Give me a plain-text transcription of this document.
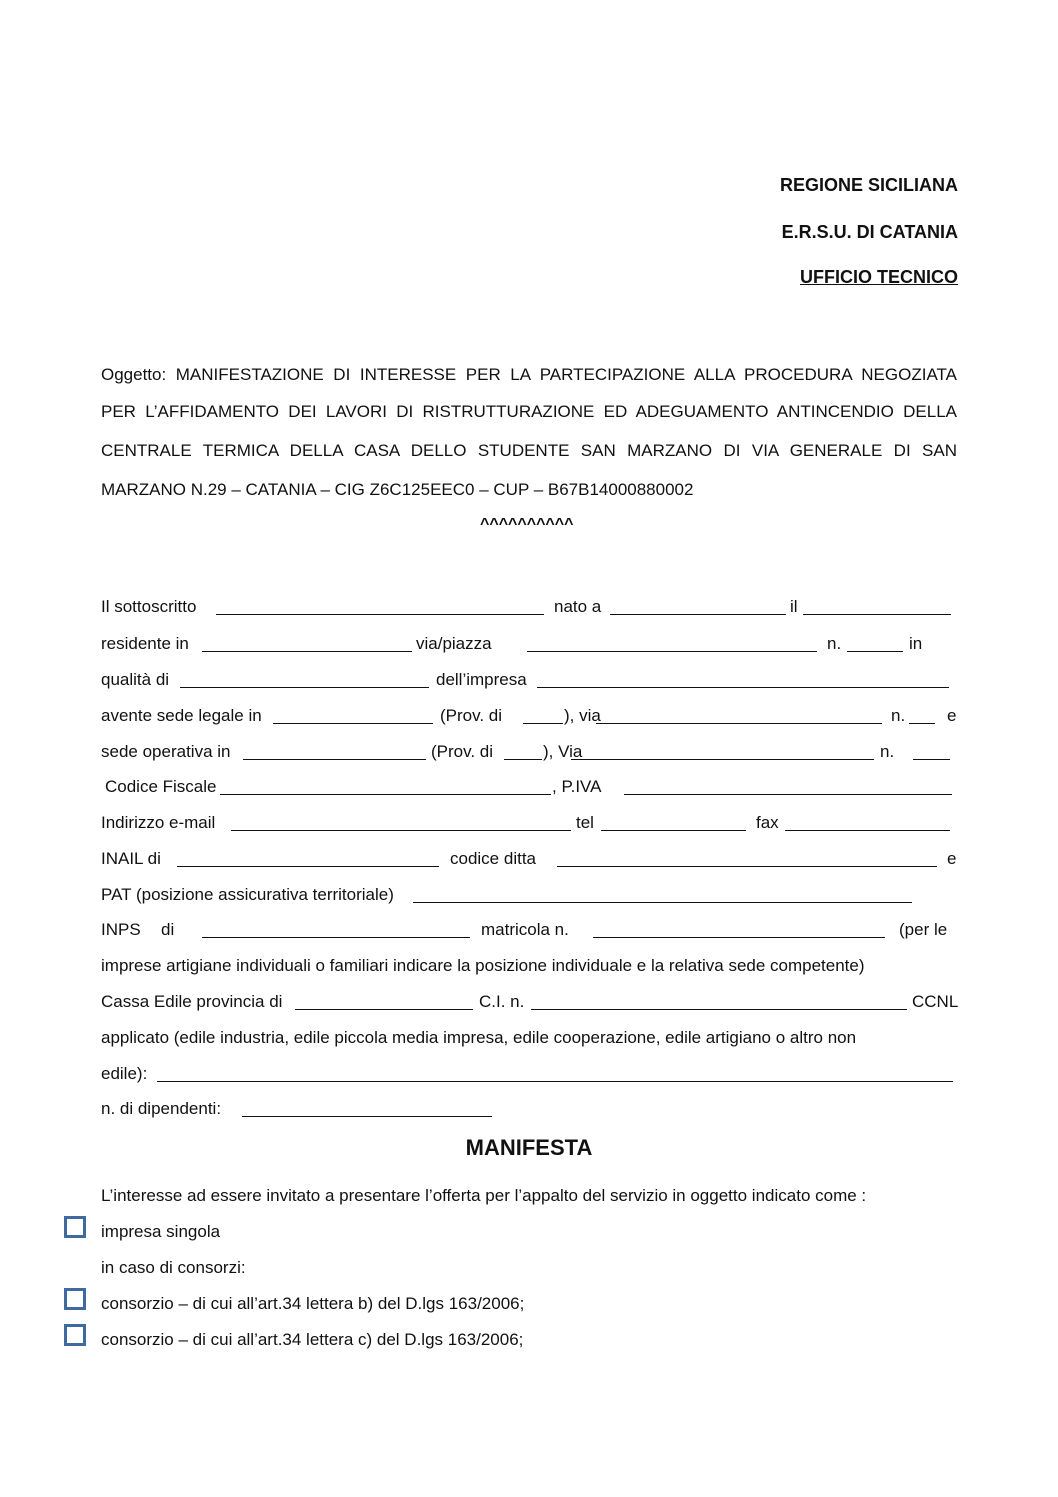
REGIONE SICILIANA
E.R.S.U. DI CATANIA
UFFICIO TECNICO
Oggetto: MANIFESTAZIONE DI INTERESSE PER LA PARTECIPAZIONE ALLA PROCEDURA NEGOZIATA
PER L’AFFIDAMENTO DEI LAVORI DI RISTRUTTURAZIONE ED ADEGUAMENTO ANTINCENDIO DELLA
CENTRALE TERMICA DELLA CASA DELLO STUDENTE SAN MARZANO DI VIA GENERALE DI SAN
MARZANO N.29 – CATANIA – CIG Z6C125EEC0 – CUP – B67B14000880002
^^^^^^^^^^
Il sottoscritto	nato a	il
residente in	via/piazza	n.	in
qualità di	dell’impresa
avente sede legale in	(Prov. di	), via	n. e
sede operativa in	(Prov. di	), Via	n.
Codice Fiscale	, P.IVA
Indirizzo e-mail	tel	fax
INAIL di	codice ditta	e
PAT (posizione assicurativa territoriale)
INPS di	matricola n.	(per le
imprese artigiane individuali o familiari indicare la posizione individuale e la relativa sede competente)
Cassa Edile provincia di	C.I. n.	CCNL
applicato (edile industria, edile piccola media impresa, edile cooperazione, edile artigiano o altro non
edile):
n. di dipendenti:
MANIFESTA
L’interesse ad essere invitato a presentare l’offerta per l’appalto del servizio in oggetto indicato come :
impresa singola
in caso di consorzi:
consorzio – di cui all’art.34 lettera b) del D.lgs 163/2006;
consorzio – di cui all’art.34 lettera c) del D.lgs 163/2006;
